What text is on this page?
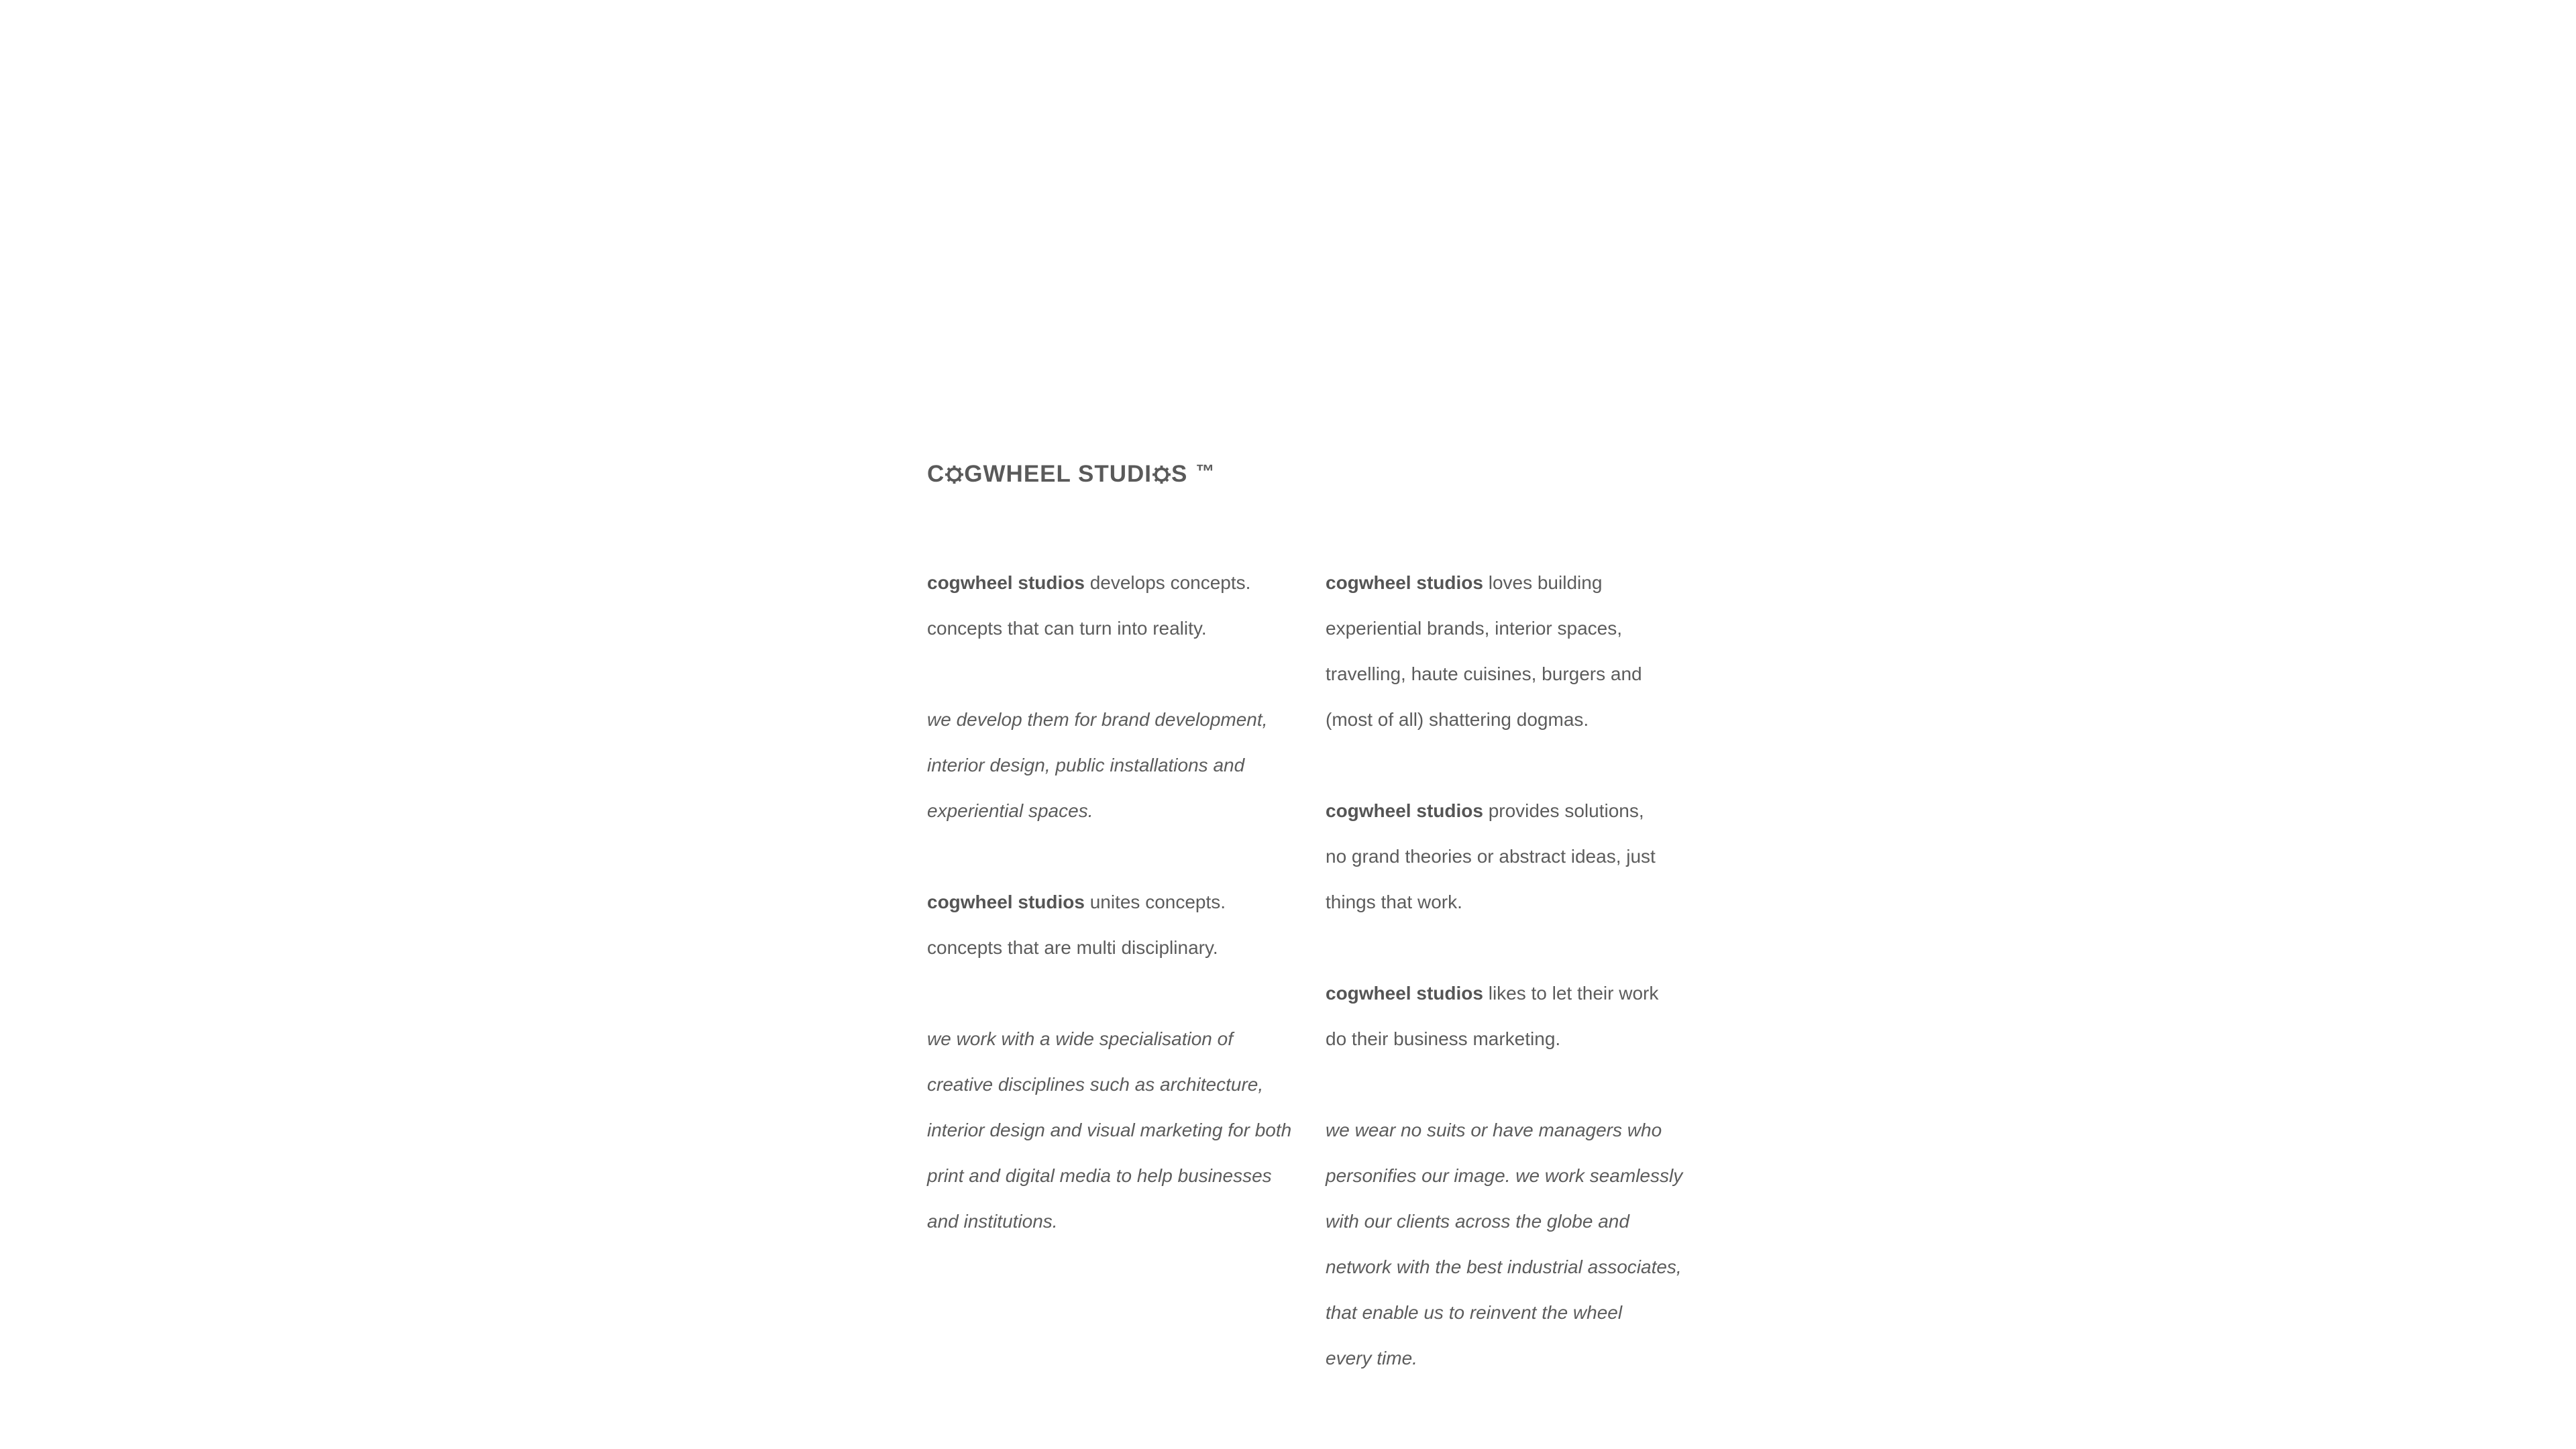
C GWHEEL STUDI S ™

cogwheel studios develops concepts.

concepts that can turn into reality.

we develop them for brand development,

interior design, public installations and

experiential spaces.

cogwheel studios unites concepts.

concepts that are multi disciplinary.

we work with a wide specialisation of

creative disciplines such as architecture,

interior design and visual marketing for both

print and digital media to help businesses

and institutions.

cogwheel studios loves building

experiential brands, interior spaces,

travelling, haute cuisines, burgers and

(most of all) shattering dogmas.

cogwheel studios provides solutions,

no grand theories or abstract ideas, just

things that work.

cogwheel studios likes to let their work

do their business marketing.

we wear no suits or have managers who

personifies our image. we work seamlessly

with our clients across the globe and

network with the best industrial associates,

that enable us to reinvent the wheel

every time.
